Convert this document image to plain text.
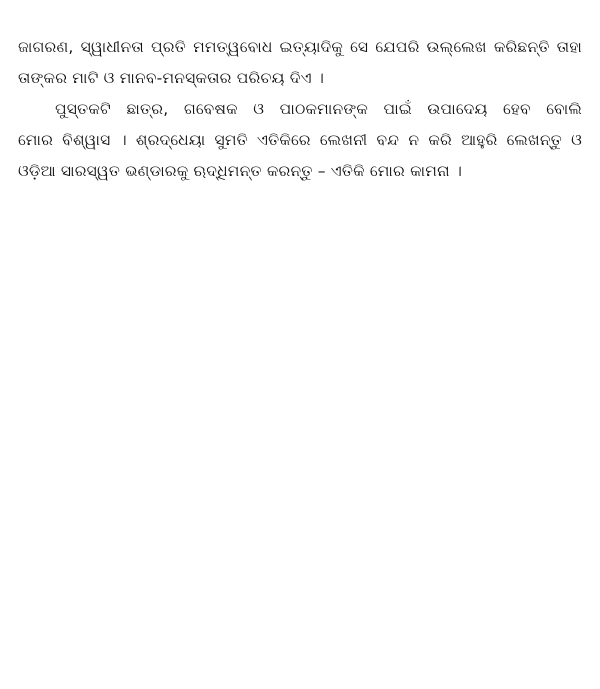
ଜାଗରଣ, ସ୍ୱାଧୀନତା ପ୍ରତି ମମତ୍ୱବୋଧ ଇତ୍ୟାଦିକୁ ସେ ଯେପରି ଉଲ୍ଲେଖ କରିଛନ୍ତି ତାହା
ତାଙ୍କର ମାଟି ଓ ମାନବ-ମନସ୍କତାର ପରିଚୟ ଦିଏ ।
ପୁସ୍ତକଟି ଛାତ୍ର, ଗବେଷକ ଓ ପାଠକମାନଙ୍କ ପାଇଁ ଉପାଦେୟ ହେବ ବୋଲି
ମୋର ବିଶ୍ୱାସ । ଶ୍ରଦ୍ଧେୟା ସୁମତି ଏତିକିରେ ଲେଖନୀ ବନ୍ଦ ନ କରି ଆହୁରି ଲେଖନ୍ତୁ ଓ
ଓଡ଼ିଆ ସାରସ୍ୱତ ଭଣ୍ଡାରକୁ ଋଦ୍ଧିମନ୍ତ କରନ୍ତୁ – ଏତିକି ମୋର କାମନା ।
